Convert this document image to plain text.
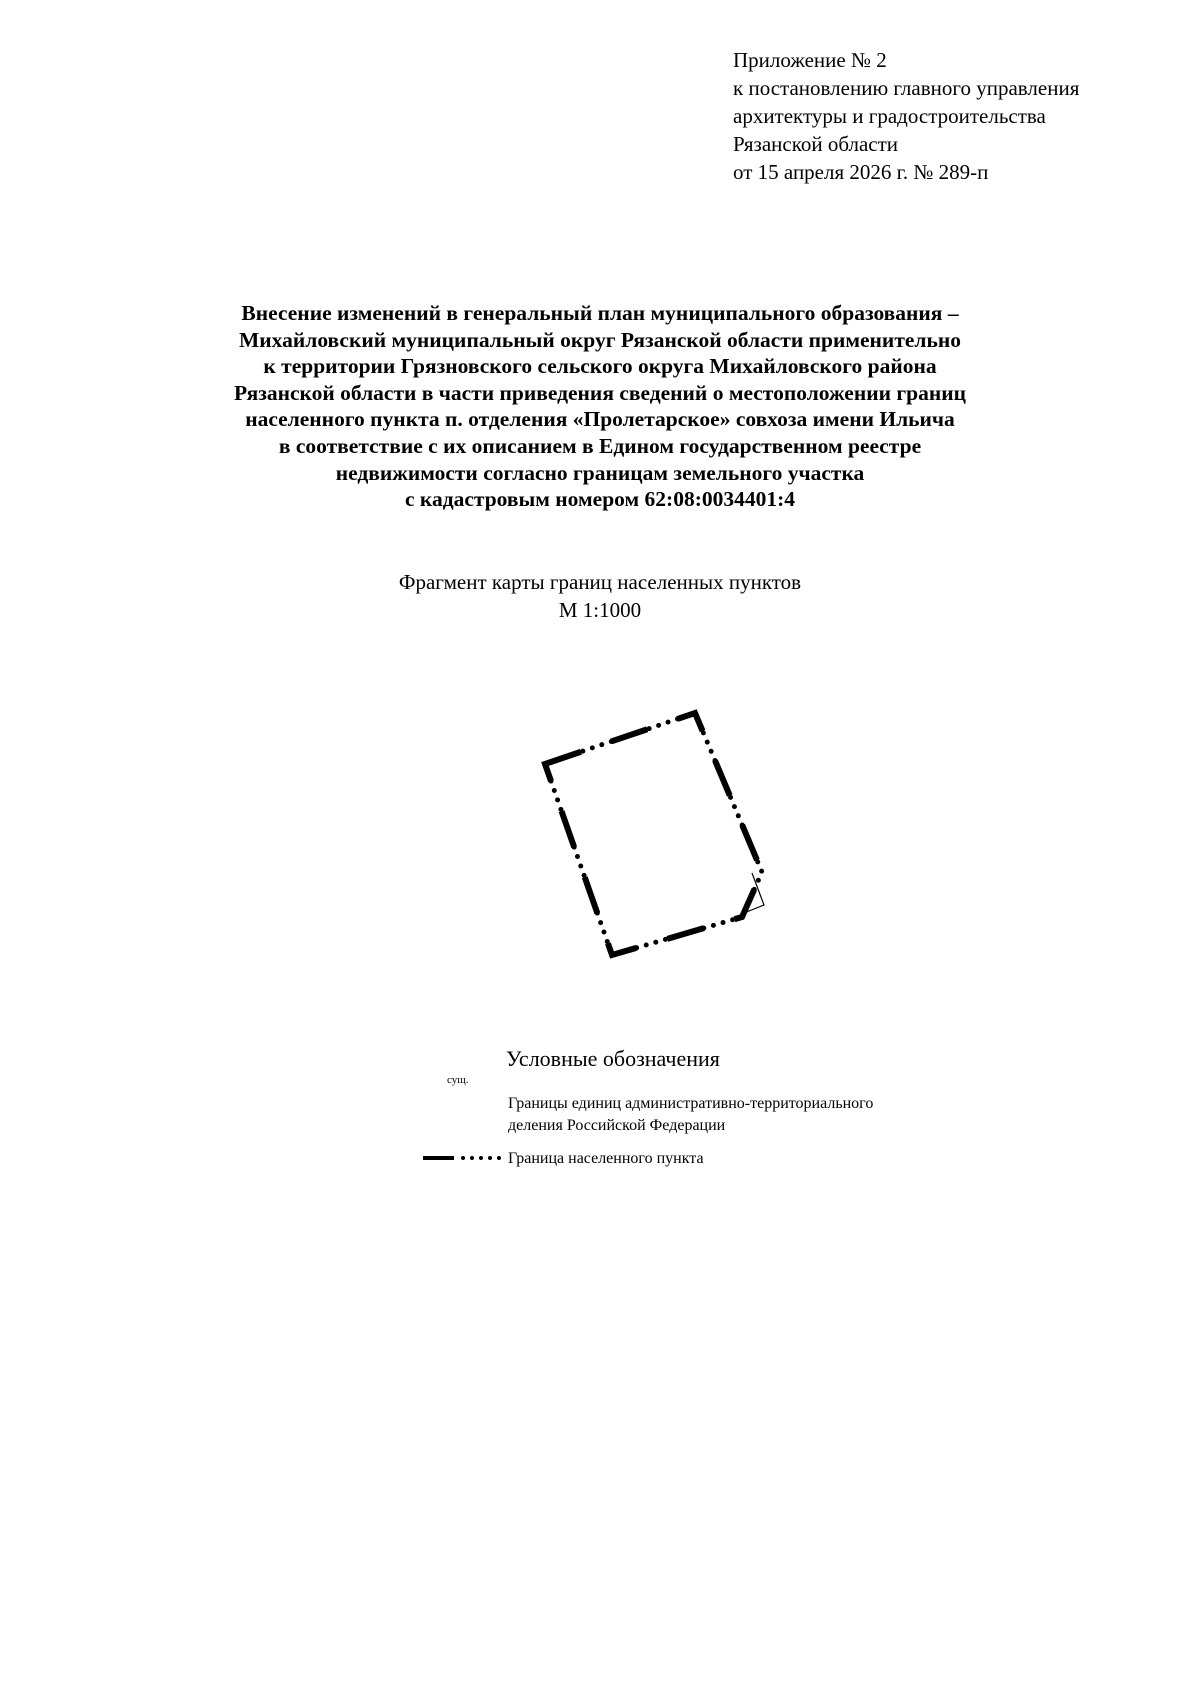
Приложение № 2
к постановлению главного управления
архитектуры и градостроительства
Рязанской области
от 15 апреля 2026 г. № 289-п
Внесение изменений в генеральный план муниципального образования –
Михайловский муниципальный округ Рязанской области применительно
к территории Грязновского сельского округа Михайловского района
Рязанской области в части приведения сведений о местоположении границ
населенного пункта п. отделения «Пролетарское» совхоза имени Ильича
в соответствие с их описанием в Едином государственном реестре
недвижимости согласно границам земельного участка
с кадастровым номером 62:08:0034401:4
Фрагмент карты границ населенных пунктов
М 1:1000
Условные обозначения
сущ.
Границы единиц административно-территориального
деления Российской Федерации
Граница населенного пункта
